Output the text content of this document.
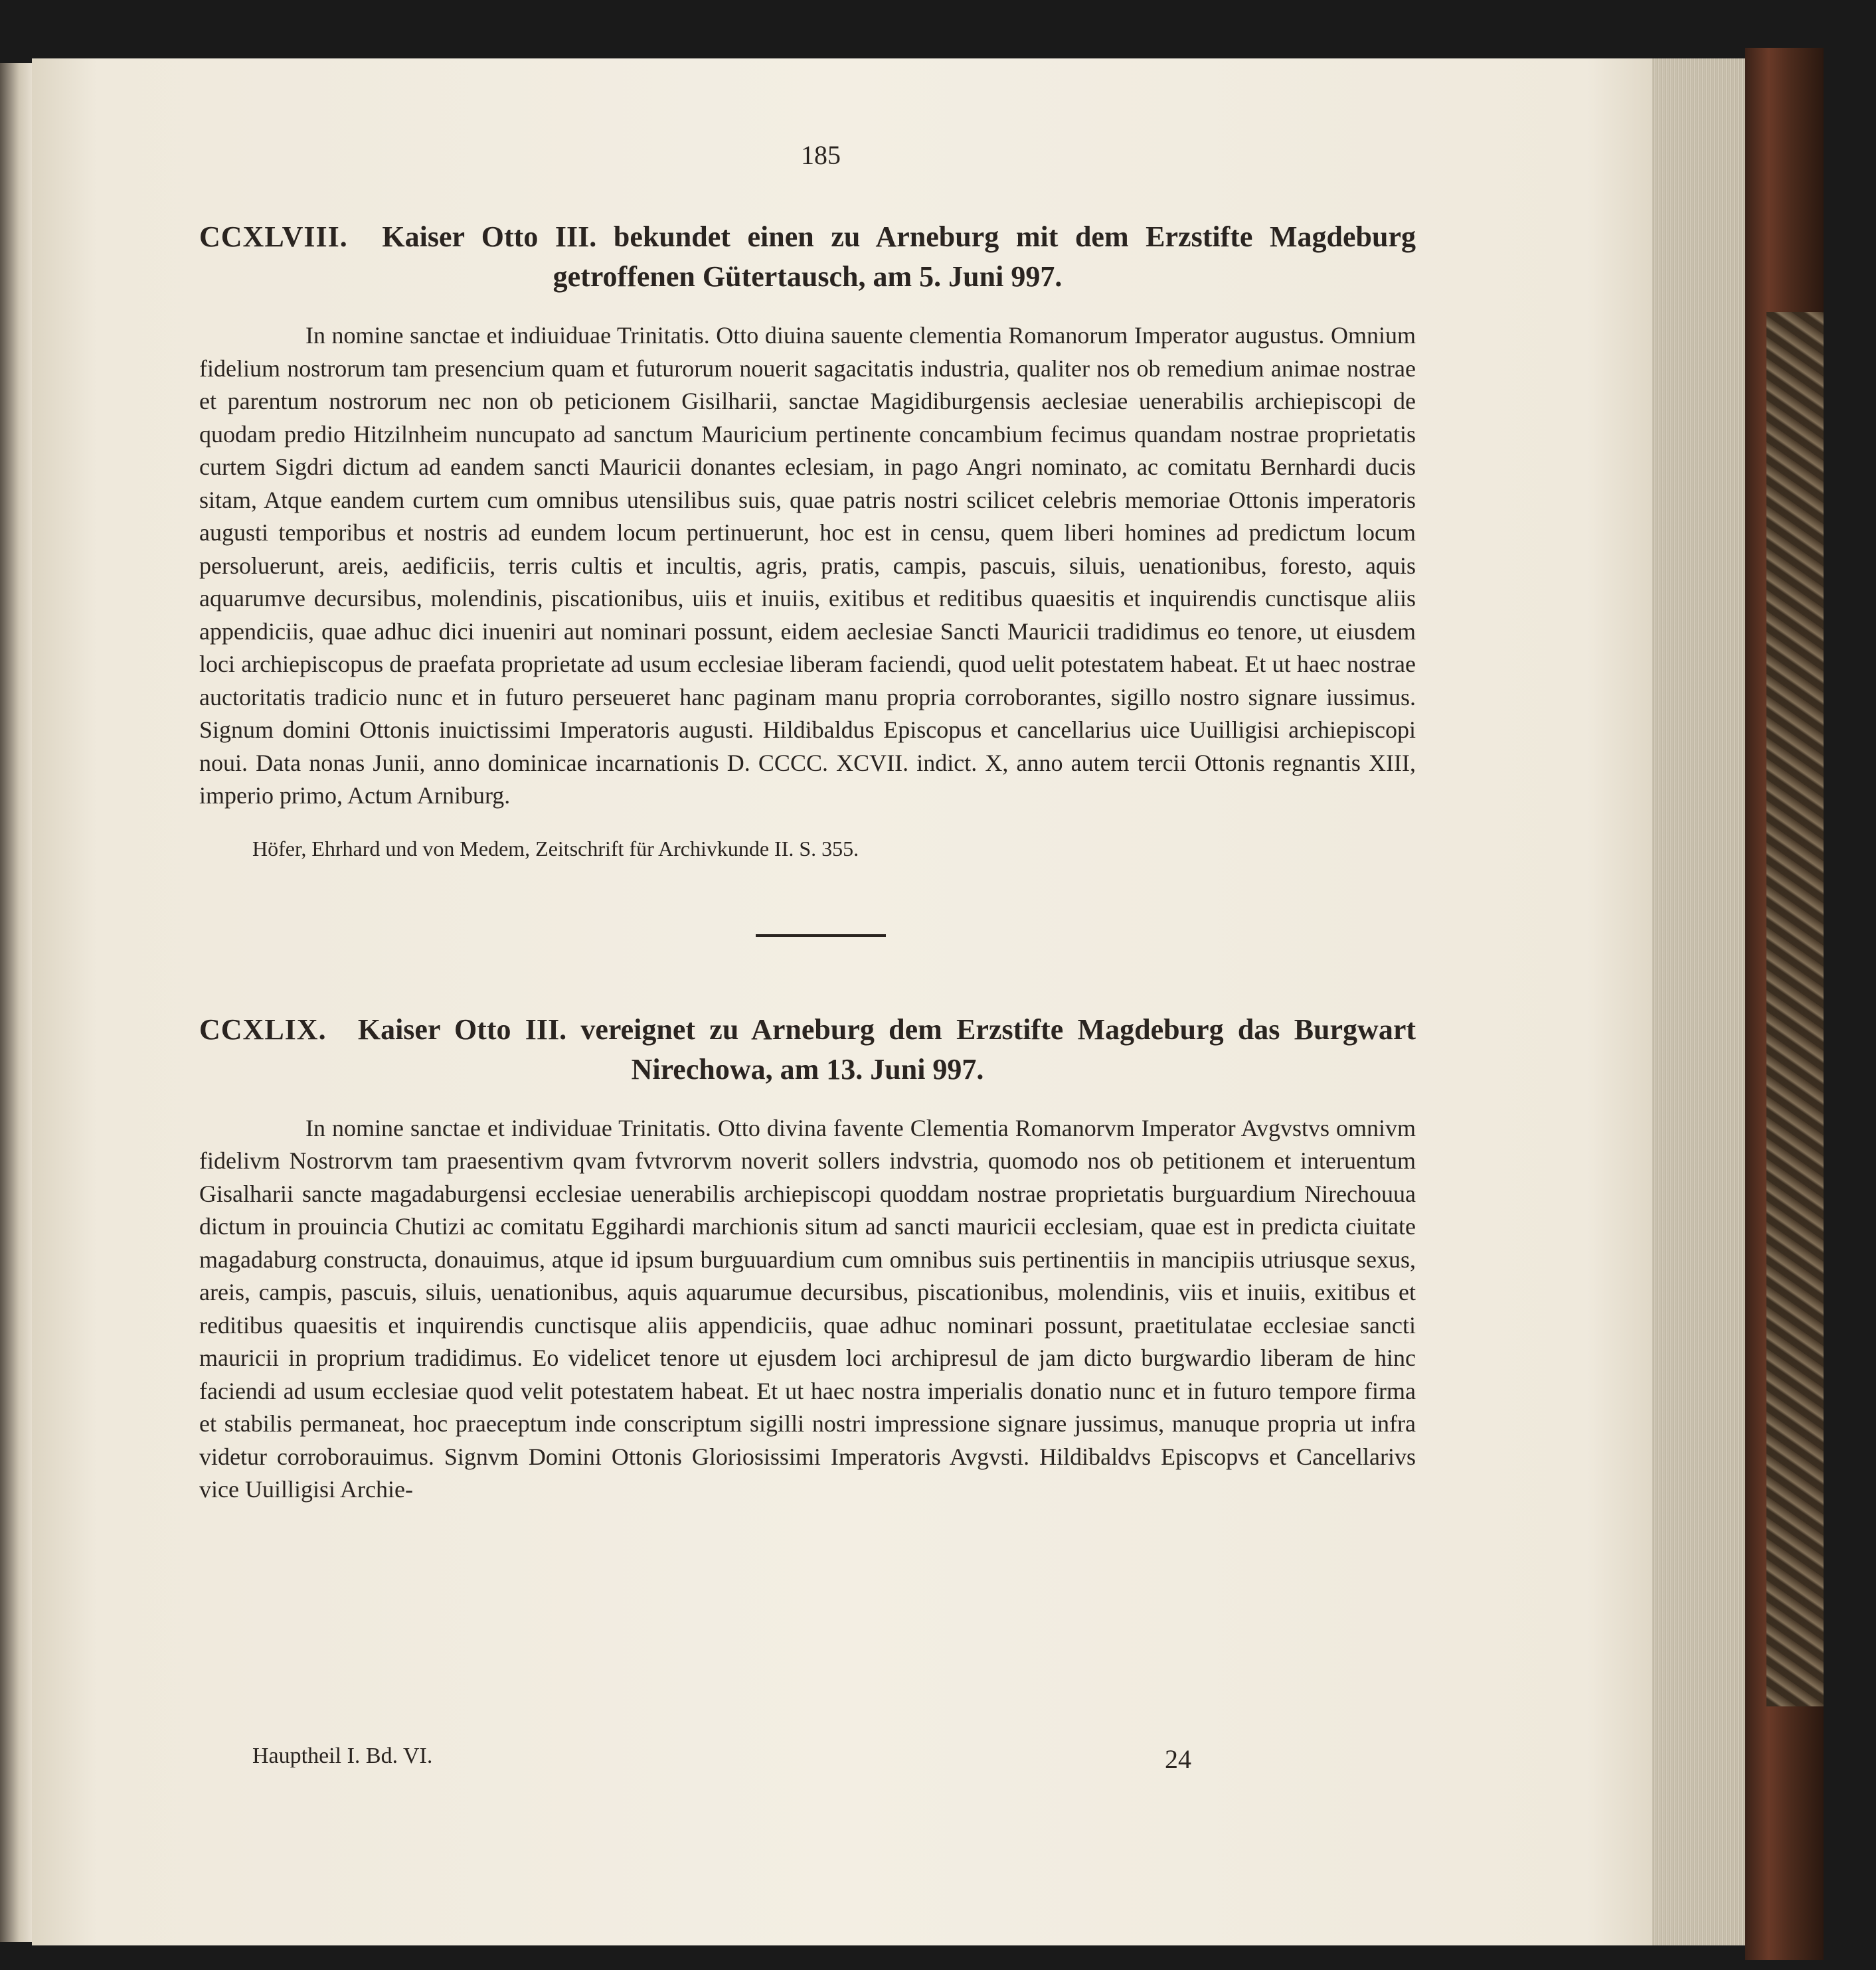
185
CCXLVIII. Kaiser Otto III. bekundet einen zu Arneburg mit dem Erzstifte Magdeburg getroffenen Gütertausch, am 5. Juni 997.

In nomine sanctae et indiuiduae Trinitatis. Otto diuina sauente clementia Romanorum Imperator augustus. Omnium fidelium nostrorum tam presencium quam et futurorum nouerit sagacitatis industria, qualiter nos ob remedium animae nostrae et parentum nostrorum nec non ob peticionem Gisilharii, sanctae Magidiburgensis aeclesiae uenerabilis archiepiscopi de quodam predio Hitzilnheim nuncupato ad sanctum Mauricium pertinente concambium fecimus quandam nostrae proprietatis curtem Sigdri dictum ad eandem sancti Mauricii donantes eclesiam, in pago Angri nominato, ac comitatu Bernhardi ducis sitam, Atque eandem curtem cum omnibus utensilibus suis, quae patris nostri scilicet celebris memoriae Ottonis imperatoris augusti temporibus et nostris ad eundem locum pertinuerunt, hoc est in censu, quem liberi homines ad predictum locum persoluerunt, areis, aedificiis, terris cultis et incultis, agris, pratis, campis, pascuis, siluis, uenationibus, foresto, aquis aquarumve decursibus, molendinis, piscationibus, uiis et inuiis, exitibus et reditibus quaesitis et inquirendis cunctisque aliis appendiciis, quae adhuc dici inueniri aut nominari possunt, eidem aeclesiae Sancti Mauricii tradidimus eo tenore, ut eiusdem loci archiepiscopus de praefata proprietate ad usum ecclesiae liberam faciendi, quod uelit potestatem habeat. Et ut haec nostrae auctoritatis tradicio nunc et in futuro perseueret hanc paginam manu propria corroborantes, sigillo nostro signare iussimus. Signum domini Ottonis inuictissimi Imperatoris augusti. Hildibaldus Episcopus et cancellarius uice Uuilligisi archiepiscopi noui. Data nonas Junii, anno dominicae incarnationis D. CCCC. XCVII. indict. X, anno autem tercii Ottonis regnantis XIII, imperio primo, Actum Arniburg.

Höfer, Ehrhard und von Medem, Zeitschrift für Archivkunde II. S. 355.
CCXLIX. Kaiser Otto III. vereignet zu Arneburg dem Erzstifte Magdeburg das Burgwart Nirechowa, am 13. Juni 997.

In nomine sanctae et individuae Trinitatis. Otto divina favente Clementia Romanorvm Imperator Avgvstvs omnivm fidelivm Nostrorvm tam praesentivm qvam fvtvrorvm noverit sollers indvstria, quomodo nos ob petitionem et interuentum Gisalharii sancte magadaburgensi ecclesiae uenerabilis archiepiscopi quoddam nostrae proprietatis burguardium Nirechouua dictum in prouincia Chutizi ac comitatu Eggihardi marchionis situm ad sancti mauricii ecclesiam, quae est in predicta ciuitate magadaburg constructa, donauimus, atque id ipsum burguuardium cum omnibus suis pertinentiis in mancipiis utriusque sexus, areis, campis, pascuis, siluis, uenationibus, aquis aquarumue decursibus, piscationibus, molendinis, viis et inuiis, exitibus et reditibus quaesitis et inquirendis cunctisque aliis appendiciis, quae adhuc nominari possunt, praetitulatae ecclesiae sancti mauricii in proprium tradidimus. Eo videlicet tenore ut ejusdem loci archipresul de jam dicto burgwardio liberam de hinc faciendi ad usum ecclesiae quod velit potestatem habeat. Et ut haec nostra imperialis donatio nunc et in futuro tempore firma et stabilis permaneat, hoc praeceptum inde conscriptum sigilli nostri impressione signare jussimus, manuque propria ut infra videtur corroborauimus. Signvm Domini Ottonis Gloriosissimi Imperatoris Avgvsti. Hildibaldvs Episcopvs et Cancellarivs vice Uuilligisi Archie-

Hauptheil I. Bd. VI.	24
